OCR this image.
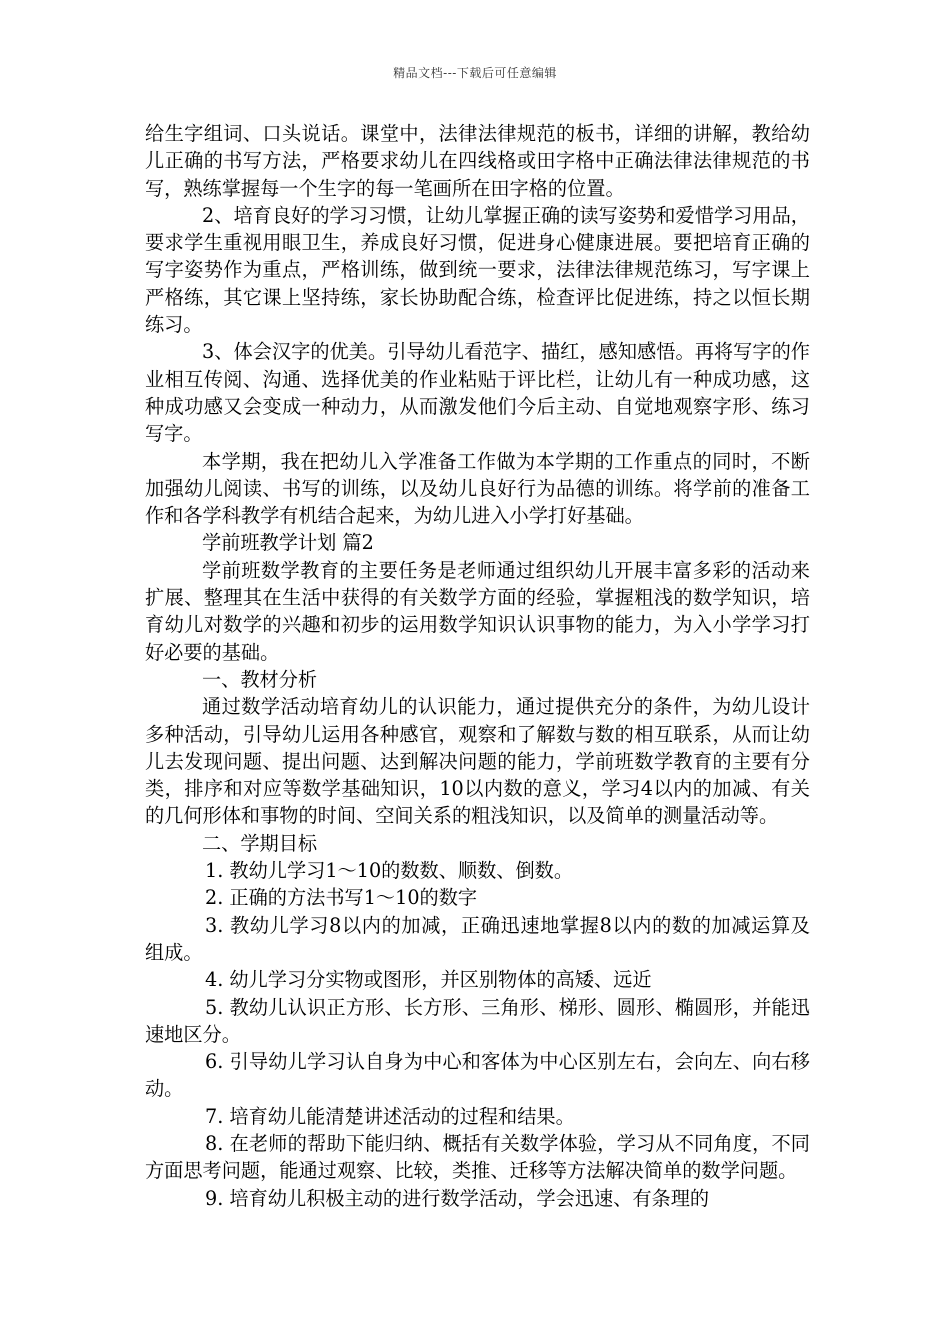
精品文档---下载后可任意编辑

给生字组词、口头说话。课堂中，法律法律规范的板书，详细的讲解，教给幼儿正确的书写方法，严格要求幼儿在四线格或田字格中正确法律法律规范的书写，熟练掌握每一个生字的每一笔画所在田字格的位置。

2、培育良好的学习习惯，让幼儿掌握正确的读写姿势和爱惜学习用品，要求学生重视用眼卫生，养成良好习惯，促进身心健康进展。要把培育正确的写字姿势作为重点，严格训练，做到统一要求，法律法律规范练习，写字课上严格练，其它课上坚持练，家长协助配合练，检查评比促进练，持之以恒长期练习。

3、体会汉字的优美。引导幼儿看范字、描红，感知感悟。再将写字的作业相互传阅、沟通、选择优美的作业粘贴于评比栏，让幼儿有一种成功感，这种成功感又会变成一种动力，从而激发他们今后主动、自觉地观察字形、练习写字。

本学期，我在把幼儿入学准备工作做为本学期的工作重点的同时，不断加强幼儿阅读、书写的训练，以及幼儿良好行为品德的训练。将学前的准备工作和各学科教学有机结合起来，为幼儿进入小学打好基础。

学前班教学计划 篇2

学前班数学教育的主要任务是老师通过组织幼儿开展丰富多彩的活动来扩展、整理其在生活中获得的有关数学方面的经验，掌握粗浅的数学知识，培育幼儿对数学的兴趣和初步的运用数学知识认识事物的能力，为入小学学习打好必要的基础。

一、教材分析

通过数学活动培育幼儿的认识能力，通过提供充分的条件，为幼儿设计多种活动，引导幼儿运用各种感官，观察和了解数与数的相互联系，从而让幼儿去发现问题、提出问题、达到解决问题的能力，学前班数学教育的主要有分类，排序和对应等数学基础知识，10以内数的意义，学习4以内的加减、有关的几何形体和事物的时间、空间关系的粗浅知识，以及简单的测量活动等。

二、学期目标

1. 教幼儿学习1～10的数数、顺数、倒数。

2. 正确的方法书写1～10的数字

3. 教幼儿学习8以内的加减，正确迅速地掌握8以内的数的加减运算及组成。

4. 幼儿学习分实物或图形，并区别物体的高矮、远近

5. 教幼儿认识正方形、长方形、三角形、梯形、圆形、椭圆形，并能迅速地区分。

6. 引导幼儿学习认自身为中心和客体为中心区别左右，会向左、向右移动。

7. 培育幼儿能清楚讲述活动的过程和结果。

8. 在老师的帮助下能归纳、概括有关数学体验，学习从不同角度，不同方面思考问题，能通过观察、比较，类推、迁移等方法解决简单的数学问题。

9. 培育幼儿积极主动的进行数学活动，学会迅速、有条理的
